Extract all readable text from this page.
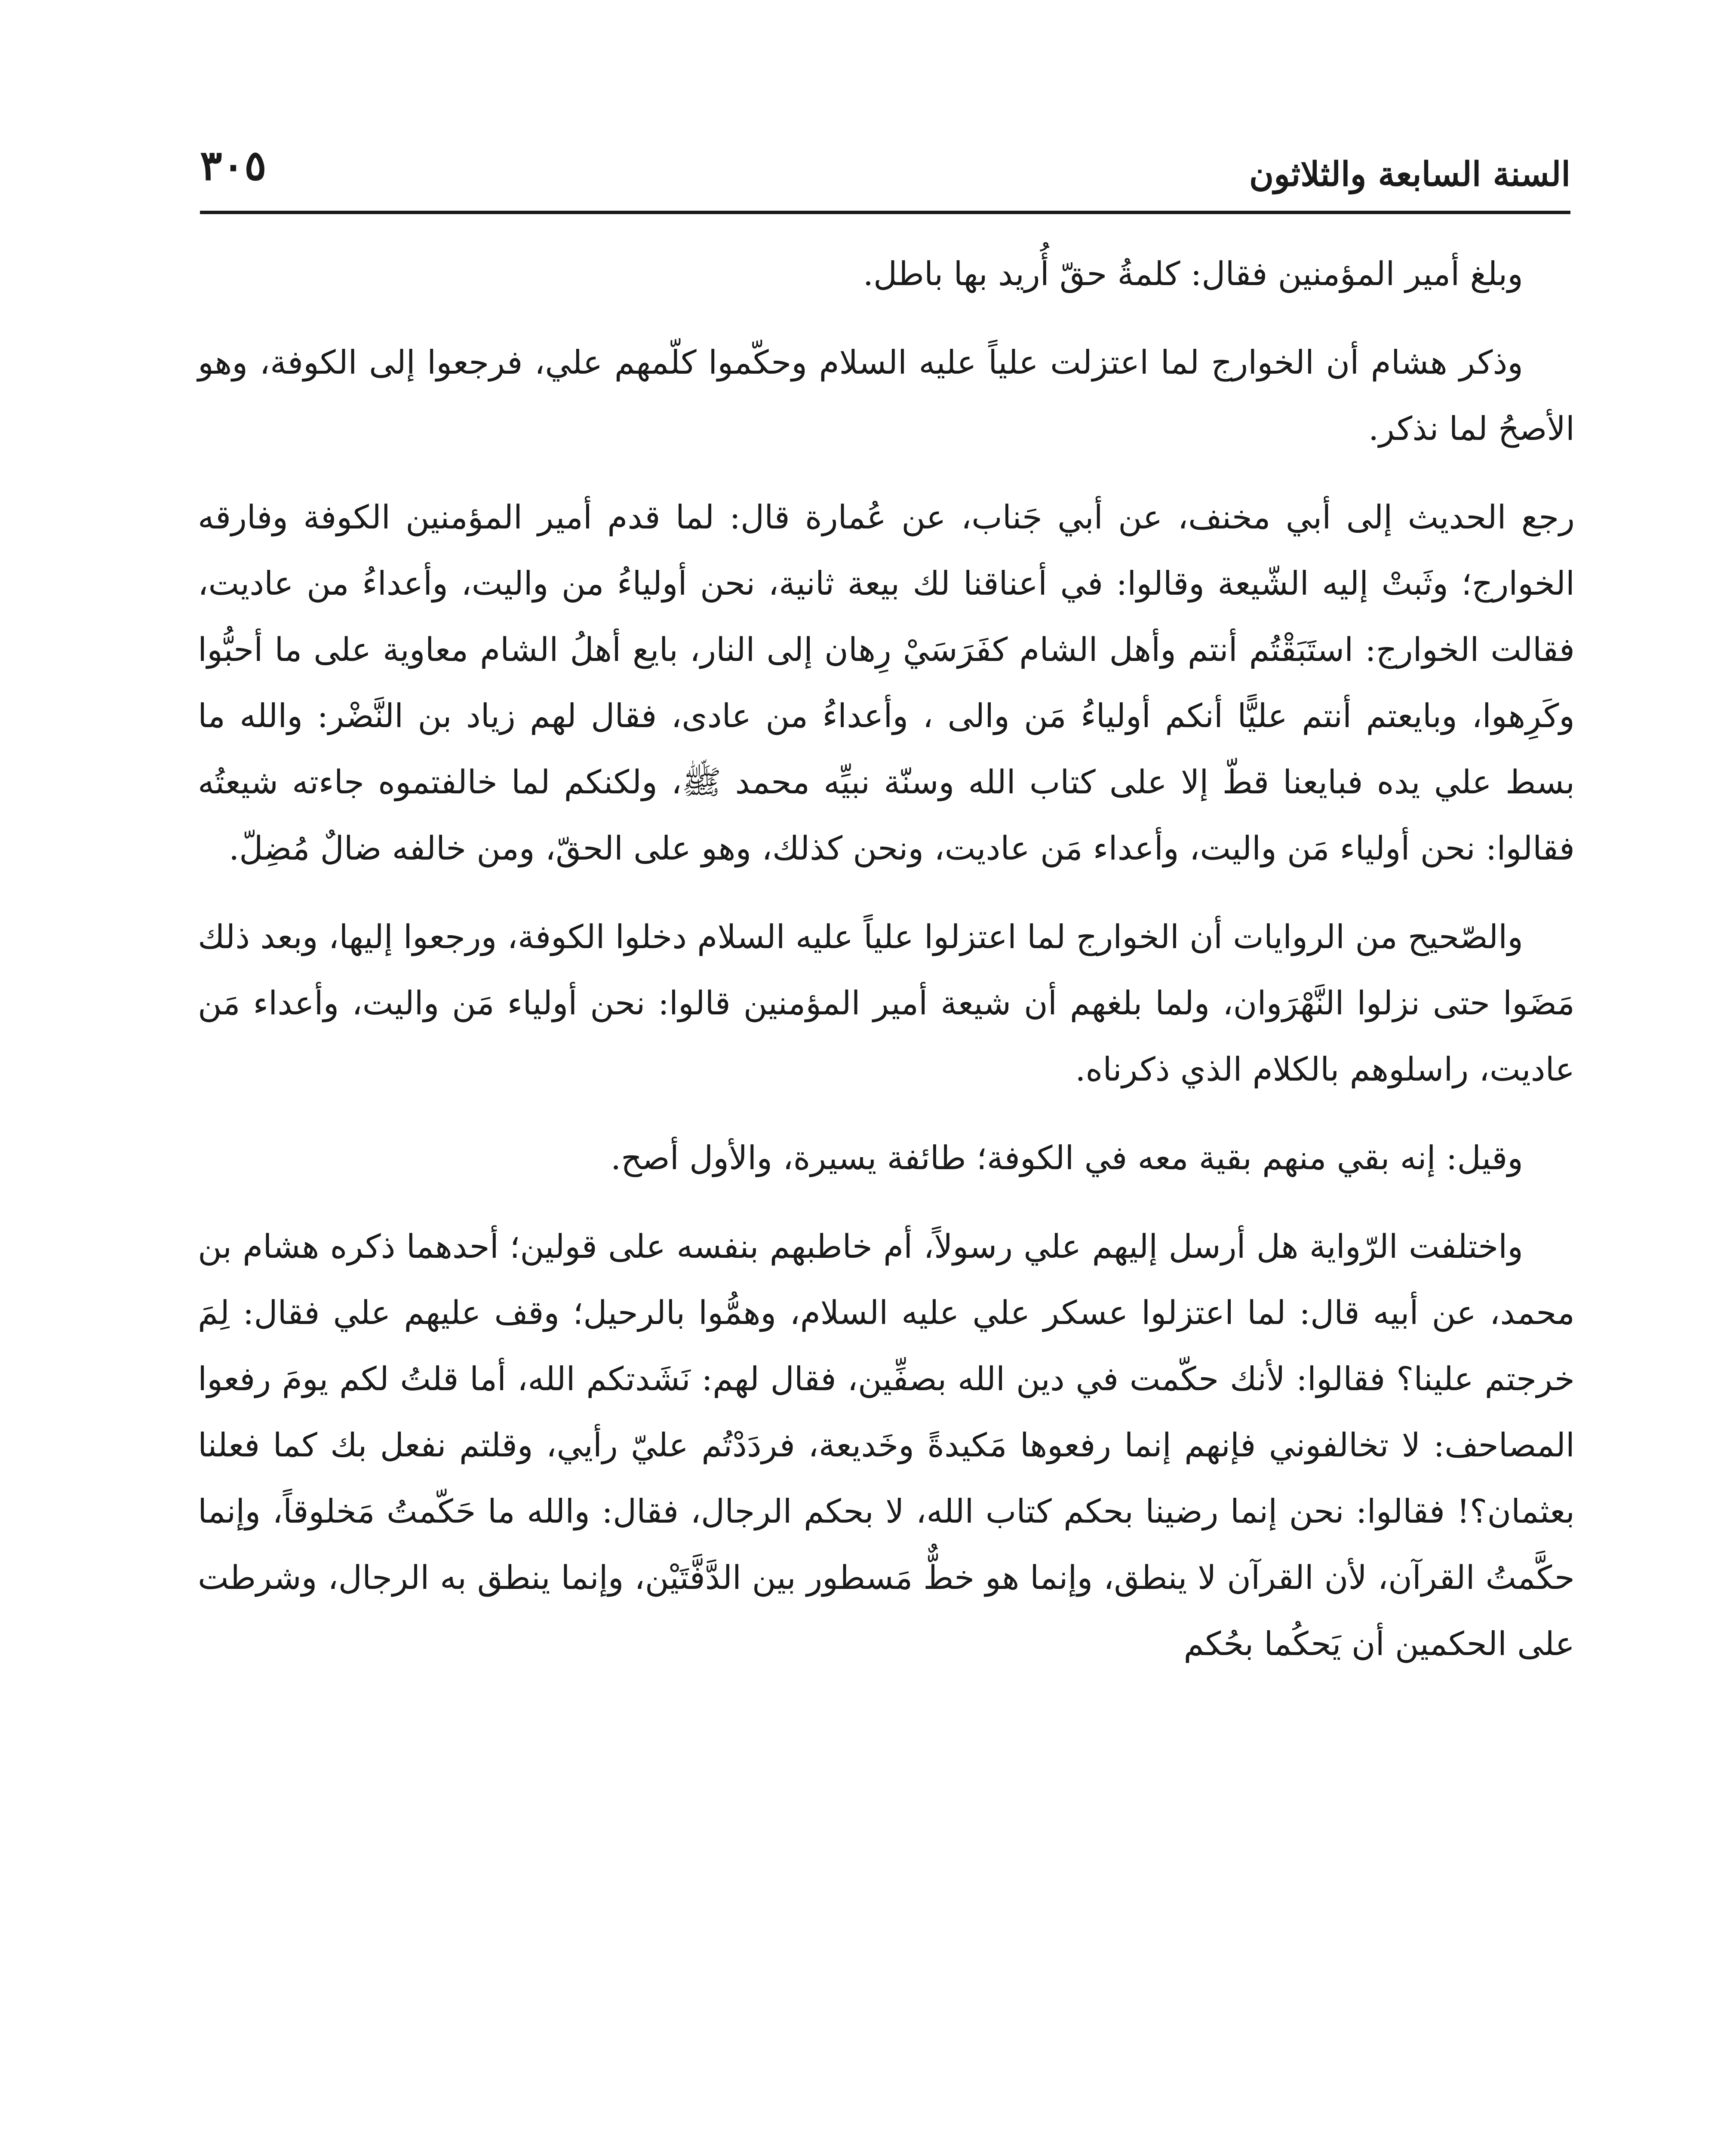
السنة السابعة والثلاثون
٣٠٥

وبلغ أمير المؤمنين فقال: كلمةُ حقّ أُريد بها باطل.

وذكر هشام أن الخوارج لما اعتزلت علياً عليه السلام وحكّموا كلّمهم علي، فرجعوا إلى الكوفة، وهو الأصحُ لما نذكر.

رجع الحديث إلى أبي مخنف، عن أبي جَناب، عن عُمارة قال: لما قدم أمير المؤمنين الكوفة وفارقه الخوارج؛ وثَبتْ إليه الشّيعة وقالوا: في أعناقنا لك بيعة ثانية، نحن أولياءُ من واليت، وأعداءُ من عاديت، فقالت الخوارج: استَبَقْتُم أنتم وأهل الشام كفَرَسَيْ رِهان إلى النار، بايع أهلُ الشام معاوية على ما أحبُّوا وكَرِهوا، وبايعتم أنتم عليًّا أنكم أولياءُ مَن والى ، وأعداءُ من عادى، فقال لهم زياد بن النَّضْر: والله ما بسط علي يده فبايعنا قطّ إلا على كتاب الله وسنّة نبيِّه محمد ﷺ، ولكنكم لما خالفتموه جاءته شيعتُه فقالوا: نحن أولياء مَن واليت، وأعداء مَن عاديت، ونحن كذلك، وهو على الحقّ، ومن خالفه ضالٌ مُضِلّ.

والصّحيح من الروايات أن الخوارج لما اعتزلوا علياً عليه السلام دخلوا الكوفة، ورجعوا إليها، وبعد ذلك مَضَوا حتى نزلوا النَّهْرَوان، ولما بلغهم أن شيعة أمير المؤمنين قالوا: نحن أولياء مَن واليت، وأعداء مَن عاديت، راسلوهم بالكلام الذي ذكرناه.

وقيل: إنه بقي منهم بقية معه في الكوفة؛ طائفة يسيرة، والأول أصح.

واختلفت الرّواية هل أرسل إليهم علي رسولاً، أم خاطبهم بنفسه على قولين؛ أحدهما ذكره هشام بن محمد، عن أبيه قال: لما اعتزلوا عسكر علي عليه السلام، وهمُّوا بالرحيل؛ وقف عليهم علي فقال: لِمَ خرجتم علينا؟ فقالوا: لأنك حكّمت في دين الله بصفِّين، فقال لهم: نَشَدتكم الله، أما قلتُ لكم يومَ رفعوا المصاحف: لا تخالفوني فإنهم إنما رفعوها مَكيدةً وخَديعة، فردَدْتُم عليّ رأيي، وقلتم نفعل بك كما فعلنا بعثمان؟! فقالوا: نحن إنما رضينا بحكم كتاب الله، لا بحكم الرجال، فقال: والله ما حَكّمتُ مَخلوقاً، وإنما حكَّمتُ القرآن، لأن القرآن لا ينطق، وإنما هو خطٌّ مَسطور بين الدَّفَّتَيْن، وإنما ينطق به الرجال، وشرطت على الحكمين أن يَحكُما بحُكم
